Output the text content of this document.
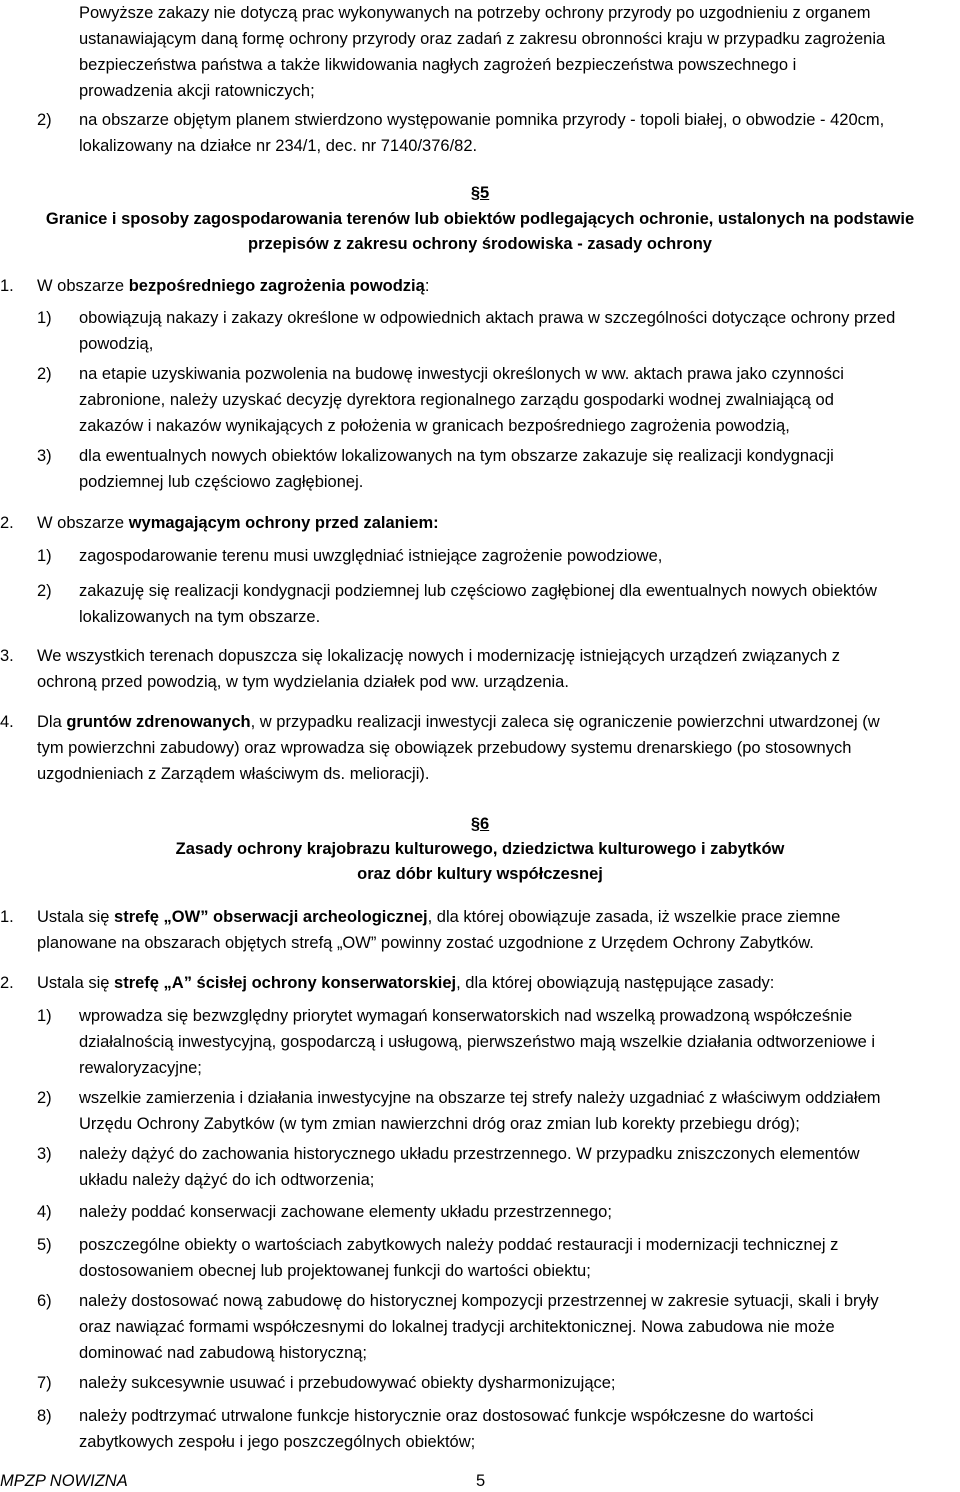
Powyższe zakazy nie dotyczą prac wykonywanych na potrzeby ochrony przyrody po uzgodnieniu z organem
ustanawiającym daną formę ochrony przyrody oraz zadań z zakresu obronności kraju w przypadku zagrożenia
bezpieczeństwa państwa a także likwidowania nagłych zagrożeń bezpieczeństwa powszechnego i
prowadzenia akcji ratowniczych;
2) na obszarze objętym planem stwierdzono występowanie pomnika przyrody - topoli białej, o obwodzie - 420cm,
lokalizowany na działce nr 234/1, dec. nr 7140/376/82.
§5
Granice i sposoby zagospodarowania terenów lub obiektów podlegających ochronie, ustalonych na podstawie
przepisów z zakresu ochrony środowiska - zasady ochrony
1. W obszarze bezpośredniego zagrożenia powodzią:
1) obowiązują nakazy i zakazy określone w odpowiednich aktach prawa w szczególności dotyczące ochrony przed
powodzią,
2) na etapie uzyskiwania pozwolenia na budowę inwestycji określonych w ww. aktach prawa jako czynności
zabronione, należy uzyskać decyzję dyrektora regionalnego zarządu gospodarki wodnej zwalniającą od
zakazów i nakazów wynikających z położenia w granicach bezpośredniego zagrożenia powodzią,
3) dla ewentualnych nowych obiektów lokalizowanych na tym obszarze zakazuje się realizacji kondygnacji
podziemnej lub częściowo zagłębionej.
2. W obszarze wymagającym ochrony przed zalaniem:
1) zagospodarowanie terenu musi uwzględniać istniejące zagrożenie powodziowe,
2) zakazuję się realizacji kondygnacji podziemnej lub częściowo zagłębionej dla ewentualnych nowych obiektów
lokalizowanych na tym obszarze.
3. We wszystkich terenach dopuszcza się lokalizację nowych i modernizację istniejących urządzeń związanych z
ochroną przed powodzią, w tym wydzielania działek pod ww. urządzenia.
4. Dla gruntów zdrenowanych, w przypadku realizacji inwestycji zaleca się ograniczenie powierzchni utwardzonej (w
tym powierzchni zabudowy) oraz wprowadza się obowiązek przebudowy systemu drenarskiego (po stosownych
uzgodnieniach z Zarządem właściwym ds. melioracji).
§6
Zasady ochrony krajobrazu kulturowego, dziedzictwa kulturowego i zabytków
oraz dóbr kultury współczesnej
1. Ustala się strefę „OW” obserwacji archeologicznej, dla której obowiązuje zasada, iż wszelkie prace ziemne
planowane na obszarach objętych strefą „OW” powinny zostać uzgodnione z Urzędem Ochrony Zabytków.
2. Ustala się strefę „A” ścisłej ochrony konserwatorskiej, dla której obowiązują następujące zasady:
1) wprowadza się bezwzględny priorytet wymagań konserwatorskich nad wszelką prowadzoną współcześnie
działalnością inwestycyjną, gospodarczą i usługową, pierwszeństwo mają wszelkie działania odtworzeniowe i
rewaloryzacyjne;
2) wszelkie zamierzenia i działania inwestycyjne na obszarze tej strefy należy uzgadniać z właściwym oddziałem
Urzędu Ochrony Zabytków (w tym zmian nawierzchni dróg oraz zmian lub korekty przebiegu dróg);
3) należy dążyć do zachowania historycznego układu przestrzennego. W przypadku zniszczonych elementów
układu należy dążyć do ich odtworzenia;
4) należy poddać konserwacji zachowane elementy układu przestrzennego;
5) poszczególne obiekty o wartościach zabytkowych należy poddać restauracji i modernizacji technicznej z
dostosowaniem obecnej lub projektowanej funkcji do wartości obiektu;
6) należy dostosować nową zabudowę do historycznej kompozycji przestrzennej w zakresie sytuacji, skali i bryły
oraz nawiązać formami współczesnymi do lokalnej tradycji architektonicznej. Nowa zabudowa nie może
dominować nad zabudową historyczną;
7) należy sukcesywnie usuwać i przebudowywać obiekty dysharmonizujące;
8) należy podtrzymać utrwalone funkcje historycznie oraz dostosować funkcje współczesne do wartości
zabytkowych zespołu i jego poszczególnych obiektów;
MPZP NOWIZNA	5
